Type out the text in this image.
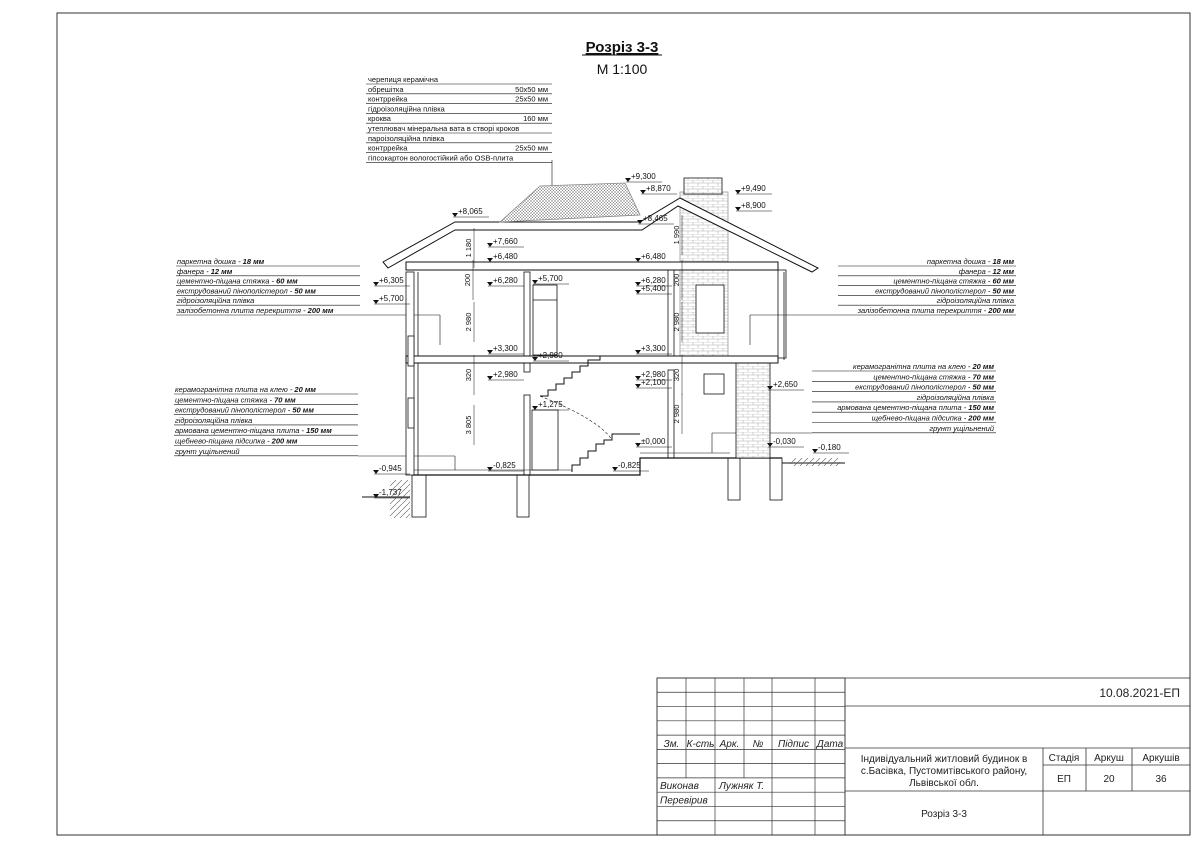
Розріз 3-3
М 1:100
черепиця керамічна
обрешітка	50х50 мм
контррейка	25х50 мм
гідроізоляційна плівка
кроква	160 мм
утеплювач мінеральна вата в створі кроков
пароізоляційна плівка
контррейка	25х50 мм
гіпсокартон вологостійкий або OSB-плита
паркетна дошка - 18 мм
фанера - 12 мм
цементно-піщана стяжка - 60 мм
екструдований пінополістерол - 50 мм
гідроізоляційна плівка
залізобетонна плита перекриття - 200 мм
паркетна дошка - 18 мм
фанера - 12 мм
цементно-піщана стяжка - 60 мм
екструдований пінополістерол - 50 мм
гідроізоляційна плівка
залізобетонна плита перекриття - 200 мм
керамогранітна плита на клею - 20 мм
цементно-піщана стяжка - 70 мм
екструдований пінополістерол - 50 мм
гідроізоляційна плівка
армована цементно-піщана плита - 150 мм
щебнево-піщана підсипка - 200 мм
грунт ущільнений
керамогранітна плита на клею - 20 мм
цементно-піщана стяжка - 70 мм
екструдований пінополістерол - 50 мм
гідроізоляційна плівка
армована цементно-піщана плита - 150 мм
щебнево-піщана підсипка - 200 мм
грунт ущільнений
+9,300
+8,870	+9,490
+8,900
+8,065
+8,465
+7,660
+6,480	+6,480
+6,280	+6,280
+6,305
+5,700
+5,700
+5,400
+3,300	+3,300
+2,980
+2,980
+2,980
+2,100	+2,650
+1,275
±0,000	-0,030
-0,180
-0,825	-0,825
-0,945
-1,737
1 180
1 990
200	200
2 980	2 980
2 980
320	320
3 805
10.08.2021-ЕП
Зм. К-сть Арк. № Підпис Дата
Виконав Лужняк Т.
Перевірив
Індивідуальний житловий будинок в
с.Басівка, Пустомитівського району,
Львівської обл.
Стадія Аркуш Аркушів
ЕП	20	36
Розріз 3-3
